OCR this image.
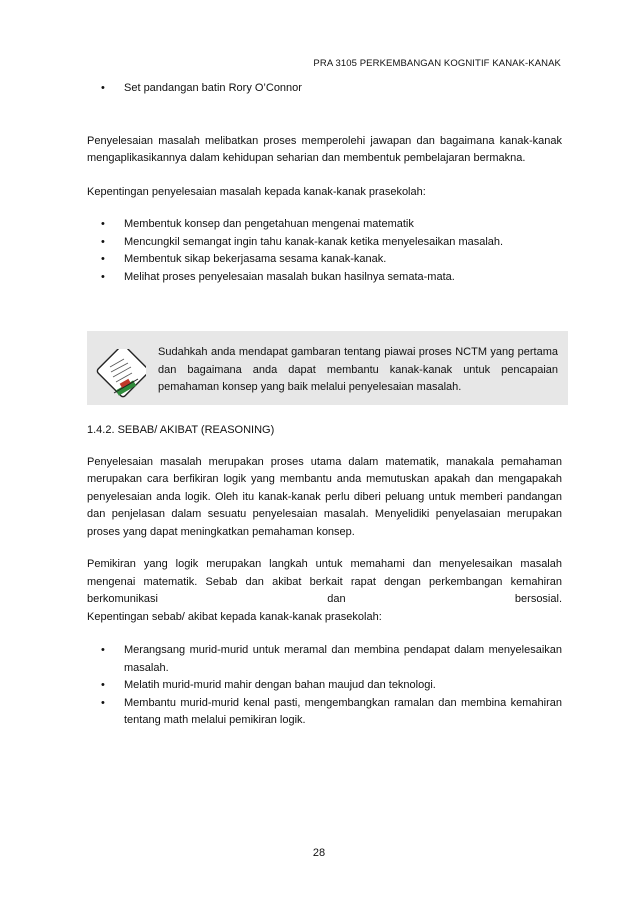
PRA 3105 PERKEMBANGAN KOGNITIF KANAK-KANAK
• Set pandangan batin Rory O’Connor

Penyelesaian masalah melibatkan proses memperolehi jawapan dan bagaimana kanak-kanak mengaplikasikannya dalam kehidupan seharian dan membentuk pembelajaran bermakna.

Kepentingan penyelesaian masalah kepada kanak-kanak prasekolah:

• Membentuk konsep dan pengetahuan mengenai matematik
• Mencungkil semangat ingin tahu kanak-kanak ketika menyelesaikan masalah.
• Membentuk sikap bekerjasama sesama kanak-kanak.
• Melihat proses penyelesaian masalah bukan hasilnya semata-mata.

Sudahkah anda mendapat gambaran tentang piawai proses NCTM yang pertama dan bagaimana anda dapat membantu kanak-kanak untuk pencapaian pemahaman konsep yang baik melalui penyelesaian masalah.

1.4.2. SEBAB/ AKIBAT (REASONING)

Penyelesaian masalah merupakan proses utama dalam matematik, manakala pemahaman merupakan cara berfikiran logik yang membantu anda memutuskan apakah dan mengapakah penyelesaian anda logik. Oleh itu kanak-kanak perlu diberi peluang untuk memberi pandangan dan penjelasan dalam sesuatu penyelesaian masalah. Menyelidiki penyelasaian merupakan proses yang dapat meningkatkan pemahaman konsep.

Pemikiran yang logik merupakan langkah untuk memahami dan menyelesaikan masalah

mengenai matematik. Sebab dan akibat berkait rapat dengan perkembangan kemahiran

berkomunikasi dan bersosial.

Kepentingan sebab/ akibat kepada kanak-kanak prasekolah:

• Merangsang murid-murid untuk meramal dan membina pendapat dalam menyelesaikan masalah.
• Melatih murid-murid mahir dengan bahan maujud dan teknologi.
• Membantu murid-murid kenal pasti, mengembangkan ramalan dan membina kemahiran tentang math melalui pemikiran logik.
28
